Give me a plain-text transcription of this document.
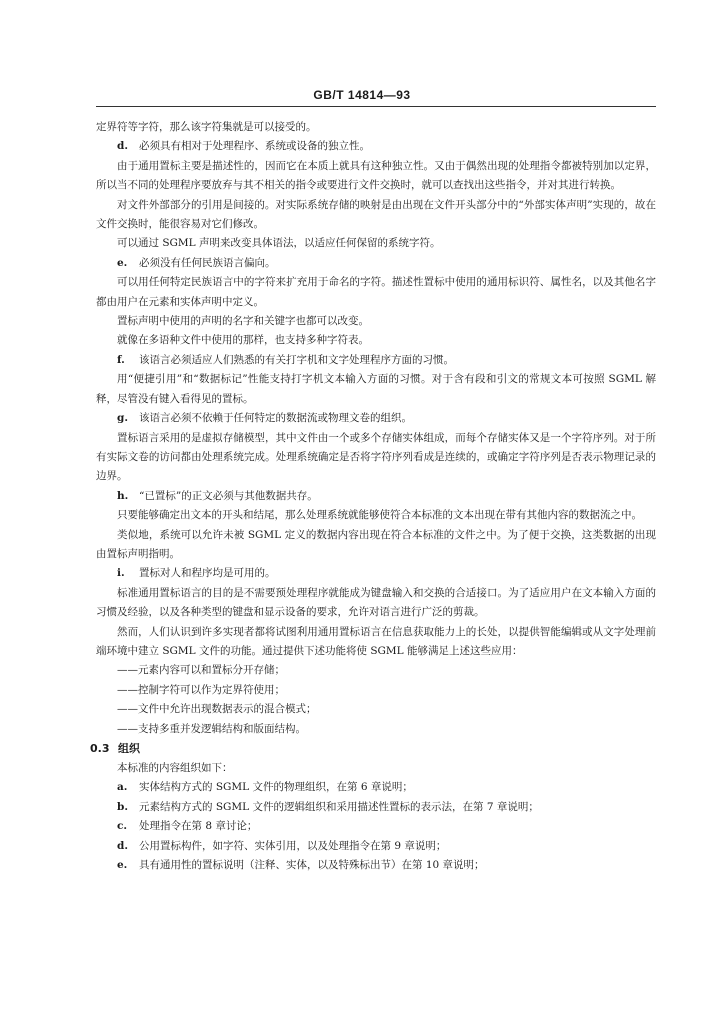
GB/T 14814—93

定界符等字符，那么该字符集就是可以接受的。

d. 必须具有相对于处理程序、系统或设备的独立性。

由于通用置标主要是描述性的，因而它在本质上就具有这种独立性。又由于偶然出现的处理指令都被特别加以定界，所以当不同的处理程序要放弃与其不相关的指令或要进行文件交换时，就可以查找出这些指令，并对其进行转换。

对文件外部部分的引用是间接的。对实际系统存储的映射是由出现在文件开头部分中的“外部实体声明”实现的，故在文件交换时，能很容易对它们修改。

可以通过 SGML 声明来改变具体语法，以适应任何保留的系统字符。

e. 必须没有任何民族语言偏向。

可以用任何特定民族语言中的字符来扩充用于命名的字符。描述性置标中使用的通用标识符、属性名，以及其他名字都由用户在元素和实体声明中定义。

置标声明中使用的声明的名字和关键字也都可以改变。

就像在多语种文件中使用的那样，也支持多种字符表。

f. 该语言必须适应人们熟悉的有关打字机和文字处理程序方面的习惯。

用“便捷引用”和“数据标记”性能支持打字机文本输入方面的习惯。对于含有段和引文的常规文本可按照 SGML 解释，尽管没有键入看得见的置标。

g. 该语言必须不依赖于任何特定的数据流或物理文卷的组织。

置标语言采用的是虚拟存储模型，其中文件由一个或多个存储实体组成，而每个存储实体又是一个字符序列。对于所有实际文卷的访问都由处理系统完成。处理系统确定是否将字符序列看成是连续的，或确定字符序列是否表示物理记录的边界。

h. “已置标”的正文必须与其他数据共存。

只要能够确定出文本的开头和结尾，那么处理系统就能够使符合本标准的文本出现在带有其他内容的数据流之中。

类似地，系统可以允许未被 SGML 定义的数据内容出现在符合本标准的文件之中。为了便于交换，这类数据的出现由置标声明指明。

i. 置标对人和程序均是可用的。

标准通用置标语言的目的是不需要预处理程序就能成为键盘输入和交换的合适接口。为了适应用户在文本输入方面的习惯及经验，以及各种类型的键盘和显示设备的要求，允许对语言进行广泛的剪裁。

然而，人们认识到许多实现者都将试图利用通用置标语言在信息获取能力上的长处，以提供智能编辑或从文字处理前端环境中建立 SGML 文件的功能。通过提供下述功能将使 SGML 能够满足上述这些应用：

——元素内容可以和置标分开存储；

——控制字符可以作为定界符使用；

——文件中允许出现数据表示的混合模式；

——支持多重并发逻辑结构和版面结构。

0.3 组织

本标准的内容组织如下：

a. 实体结构方式的 SGML 文件的物理组织，在第 6 章说明；

b. 元素结构方式的 SGML 文件的逻辑组织和采用描述性置标的表示法，在第 7 章说明；

c. 处理指令在第 8 章讨论；

d. 公用置标构件，如字符、实体引用，以及处理指令在第 9 章说明；

e. 具有通用性的置标说明（注释、实体，以及特殊标出节）在第 10 章说明；
